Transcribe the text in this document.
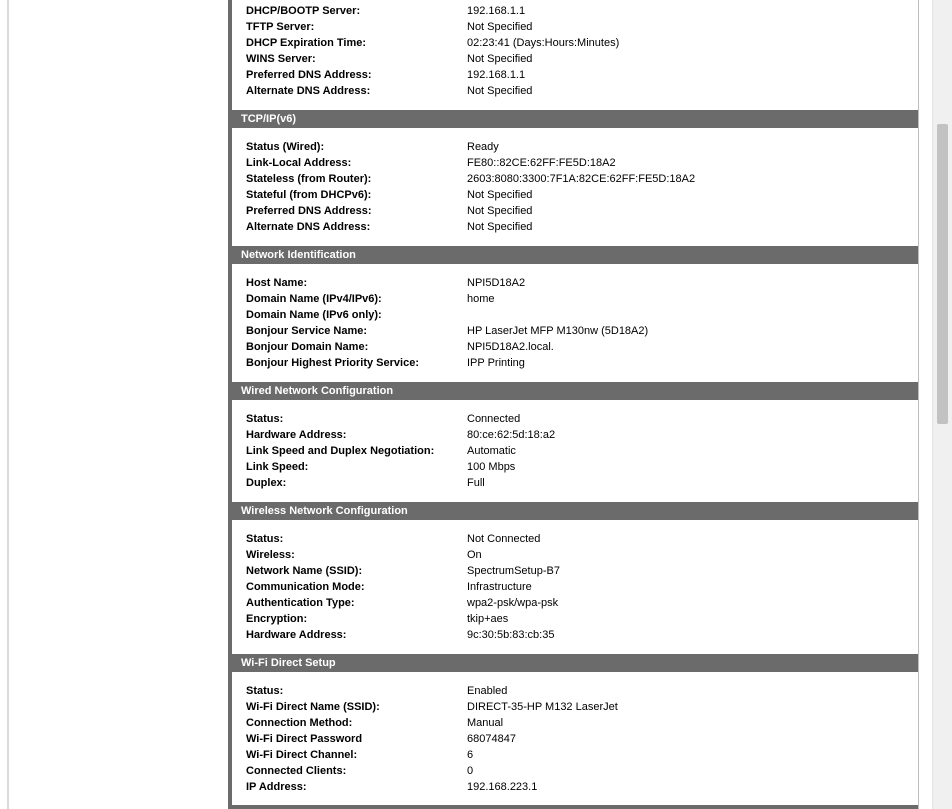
DHCP/BOOTP Server:	192.168.1.1
TFTP Server:	Not Specified
DHCP Expiration Time:	02:23:41 (Days:Hours:Minutes)
WINS Server:	Not Specified
Preferred DNS Address:	192.168.1.1
Alternate DNS Address:	Not Specified
TCP/IP(v6)
Status (Wired):	Ready
Link-Local Address:	FE80::82CE:62FF:FE5D:18A2
Stateless (from Router):	2603:8080:3300:7F1A:82CE:62FF:FE5D:18A2
Stateful (from DHCPv6):	Not Specified
Preferred DNS Address:	Not Specified
Alternate DNS Address:	Not Specified
Network Identification
Host Name:	NPI5D18A2
Domain Name (IPv4/IPv6):	home
Domain Name (IPv6 only):
Bonjour Service Name:	HP LaserJet MFP M130nw (5D18A2)
Bonjour Domain Name:	NPI5D18A2.local.
Bonjour Highest Priority Service:	IPP Printing
Wired Network Configuration
Status:	Connected
Hardware Address:	80:ce:62:5d:18:a2
Link Speed and Duplex Negotiation:	Automatic
Link Speed:	100 Mbps
Duplex:	Full
Wireless Network Configuration
Status:	Not Connected
Wireless:	On
Network Name (SSID):	SpectrumSetup-B7
Communication Mode:	Infrastructure
Authentication Type:	wpa2-psk/wpa-psk
Encryption:	tkip+aes
Hardware Address:	9c:30:5b:83:cb:35
Wi-Fi Direct Setup
Status:	Enabled
Wi-Fi Direct Name (SSID):	DIRECT-35-HP M132 LaserJet
Connection Method:	Manual
Wi-Fi Direct Password	68074847
Wi-Fi Direct Channel:	6
Connected Clients:	0
IP Address:	192.168.223.1
